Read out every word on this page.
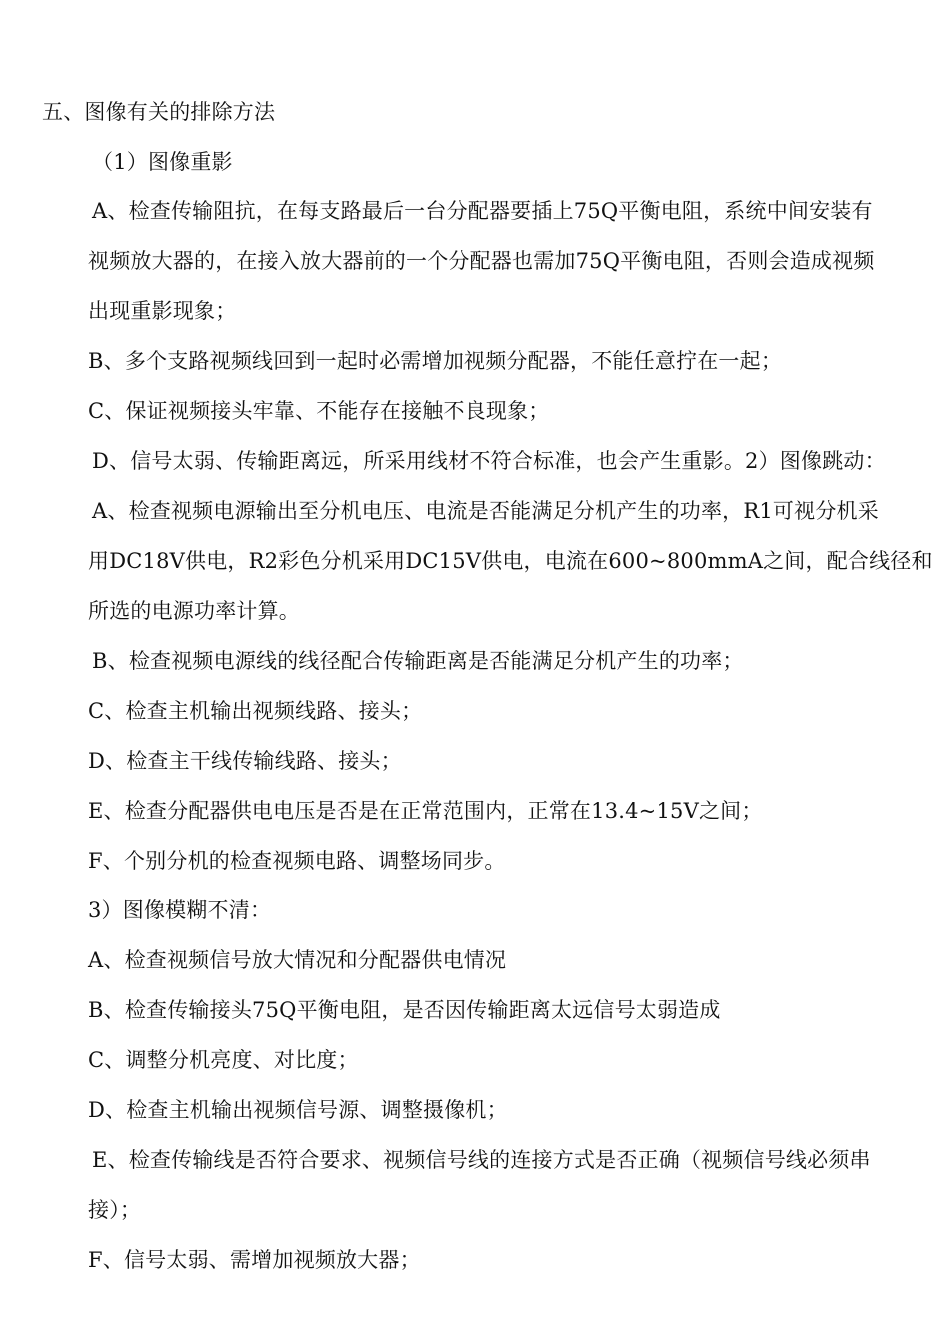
五、图像有关的排除方法
（1）图像重影
A、检查传输阻抗，在每支路最后一台分配器要插上75Q平衡电阻，系统中间安装有
视频放大器的，在接入放大器前的一个分配器也需加75Q平衡电阻，否则会造成视频
出现重影现象；
B、多个支路视频线回到一起时必需增加视频分配器，不能任意拧在一起；
C、保证视频接头牢靠、不能存在接触不良现象；
D、信号太弱、传输距离远，所采用线材不符合标准，也会产生重影。2）图像跳动：
A、检查视频电源输出至分机电压、电流是否能满足分机产生的功率，R1可视分机采
用DC18V供电，R2彩色分机采用DC15V供电，电流在600~800mmA之间，配合线径和
所选的电源功率计算。
B、检查视频电源线的线径配合传输距离是否能满足分机产生的功率；
C、检查主机输出视频线路、接头；
D、检查主干线传输线路、接头；
E、检查分配器供电电压是否是在正常范围内，正常在13.4~15V之间；
F、个别分机的检查视频电路、调整场同步。
3）图像模糊不清：
A、检查视频信号放大情况和分配器供电情况
B、检查传输接头75Q平衡电阻，是否因传输距离太远信号太弱造成
C、调整分机亮度、对比度；
D、检查主机输出视频信号源、调整摄像机；
E、检查传输线是否符合要求、视频信号线的连接方式是否正确（视频信号线必须串
接）；
F、信号太弱、需增加视频放大器；
